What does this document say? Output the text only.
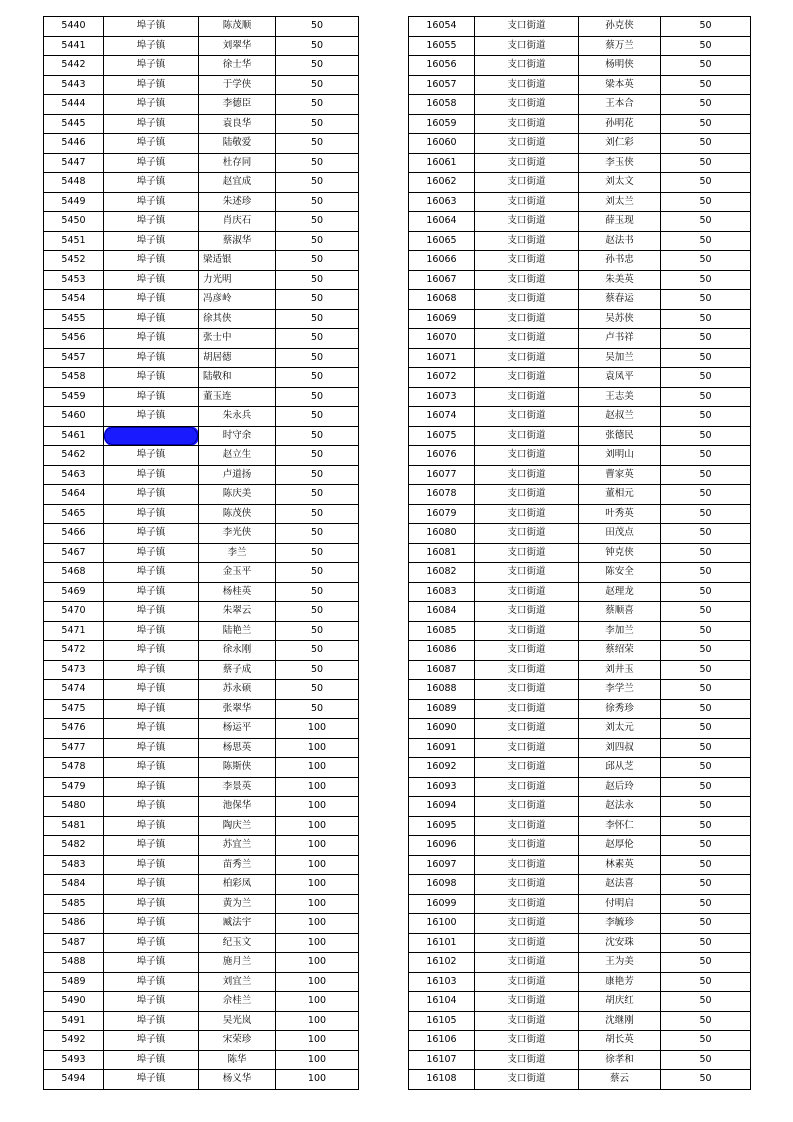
5440	埠子镇	陈茂顺	50
5441	埠子镇	刘翠华	50
5442	埠子镇	徐士华	50
5443	埠子镇	于学侠	50
5444	埠子镇	李德臣	50
5445	埠子镇	袁良华	50
5446	埠子镇	陆敬爱	50
5447	埠子镇	杜存同	50
5448	埠子镇	赵宜成	50
5449	埠子镇	朱述珍	50
5450	埠子镇	肖庆石	50
5451	埠子镇	蔡淑华	50
5452	埠子镇	梁适银	50
5453	埠子镇	力光明	50
5454	埠子镇	冯彦岭	50
5455	埠子镇	徐其侠	50
5456	埠子镇	张士中	50
5457	埠子镇	胡居德	50
5458	埠子镇	陆敬和	50
5459	埠子镇	董玉连	50
5460	埠子镇	朱永兵	50
5461	埠子镇	时守余	50
5462	埠子镇	赵立生	50
5463	埠子镇	卢道扬	50
5464	埠子镇	陈庆美	50
5465	埠子镇	陈茂侠	50
5466	埠子镇	李光侠	50
5467	埠子镇	李兰	50
5468	埠子镇	金玉平	50
5469	埠子镇	杨桂英	50
5470	埠子镇	朱翠云	50
5471	埠子镇	陆艳兰	50
5472	埠子镇	徐永刚	50
5473	埠子镇	蔡子成	50
5474	埠子镇	苏永硕	50
5475	埠子镇	张翠华	50
5476	埠子镇	杨运平	100
5477	埠子镇	杨思英	100
5478	埠子镇	陈斯侠	100
5479	埠子镇	李景英	100
5480	埠子镇	池保华	100
5481	埠子镇	陶庆兰	100
5482	埠子镇	苏宜兰	100
5483	埠子镇	苗秀兰	100
5484	埠子镇	柏彩凤	100
5485	埠子镇	黄为兰	100
5486	埠子镇	臧法宇	100
5487	埠子镇	纪玉文	100
5488	埠子镇	施月兰	100
5489	埠子镇	刘宜兰	100
5490	埠子镇	佘桂兰	100
5491	埠子镇	吴光岚	100
5492	埠子镇	宋荣珍	100
5493	埠子镇	陈华	100
5494	埠子镇	杨义华	100
16054	支口街道	孙克侠	50
16055	支口街道	蔡万兰	50
16056	支口街道	杨明侠	50
16057	支口街道	梁本英	50
16058	支口街道	王本合	50
16059	支口街道	孙明花	50
16060	支口街道	刘仁彩	50
16061	支口街道	李玉侠	50
16062	支口街道	刘太文	50
16063	支口街道	刘太兰	50
16064	支口街道	薛玉现	50
16065	支口街道	赵法书	50
16066	支口街道	孙书忠	50
16067	支口街道	朱美英	50
16068	支口街道	蔡春运	50
16069	支口街道	吴苏侠	50
16070	支口街道	卢书祥	50
16071	支口街道	吴加兰	50
16072	支口街道	袁凤平	50
16073	支口街道	王志美	50
16074	支口街道	赵叔兰	50
16075	支口街道	张德民	50
16076	支口街道	刘明山	50
16077	支口街道	曹家英	50
16078	支口街道	董相元	50
16079	支口街道	叶秀英	50
16080	支口街道	田茂点	50
16081	支口街道	钟克侠	50
16082	支口街道	陈安全	50
16083	支口街道	赵理龙	50
16084	支口街道	蔡顺喜	50
16085	支口街道	李加兰	50
16086	支口街道	蔡绍荣	50
16087	支口街道	刘井玉	50
16088	支口街道	李学兰	50
16089	支口街道	徐秀珍	50
16090	支口街道	刘太元	50
16091	支口街道	刘四叔	50
16092	支口街道	邱从芝	50
16093	支口街道	赵后玲	50
16094	支口街道	赵法永	50
16095	支口街道	李怀仁	50
16096	支口街道	赵厚伦	50
16097	支口街道	林素英	50
16098	支口街道	赵法喜	50
16099	支口街道	付明启	50
16100	支口街道	李毓珍	50
16101	支口街道	沈安珠	50
16102	支口街道	王为美	50
16103	支口街道	康艳芳	50
16104	支口街道	胡庆红	50
16105	支口街道	沈继刚	50
16106	支口街道	胡长英	50
16107	支口街道	徐孝和	50
16108	支口街道	蔡云	50
